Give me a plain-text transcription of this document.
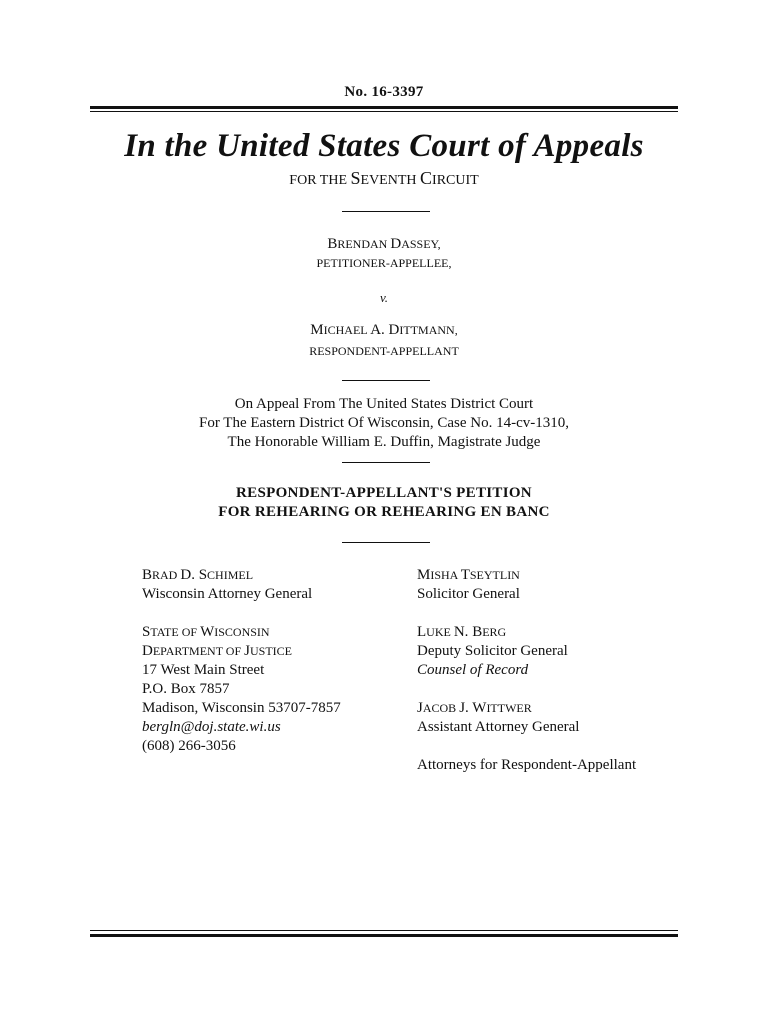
No. 16-3397
In the United States Court of Appeals
FOR THE SEVENTH CIRCUIT
BRENDAN DASSEY,
PETITIONER-APPELLEE,
v.
MICHAEL A. DITTMANN,
RESPONDENT-APPELLANT
On Appeal From The United States District Court
For The Eastern District Of Wisconsin, Case No. 14-cv-1310,
The Honorable William E. Duffin, Magistrate Judge
RESPONDENT-APPELLANT'S PETITION
FOR REHEARING OR REHEARING EN BANC
BRAD D. SCHIMEL
Wisconsin Attorney General
STATE OF WISCONSIN
DEPARTMENT OF JUSTICE
17 West Main Street
P.O. Box 7857
Madison, Wisconsin 53707-7857
bergln@doj.state.wi.us
(608) 266-3056
MISHA TSEYTLIN
Solicitor General
LUKE N. BERG
Deputy Solicitor General
Counsel of Record
JACOB J. WITTWER
Assistant Attorney General
Attorneys for Respondent-Appellant
